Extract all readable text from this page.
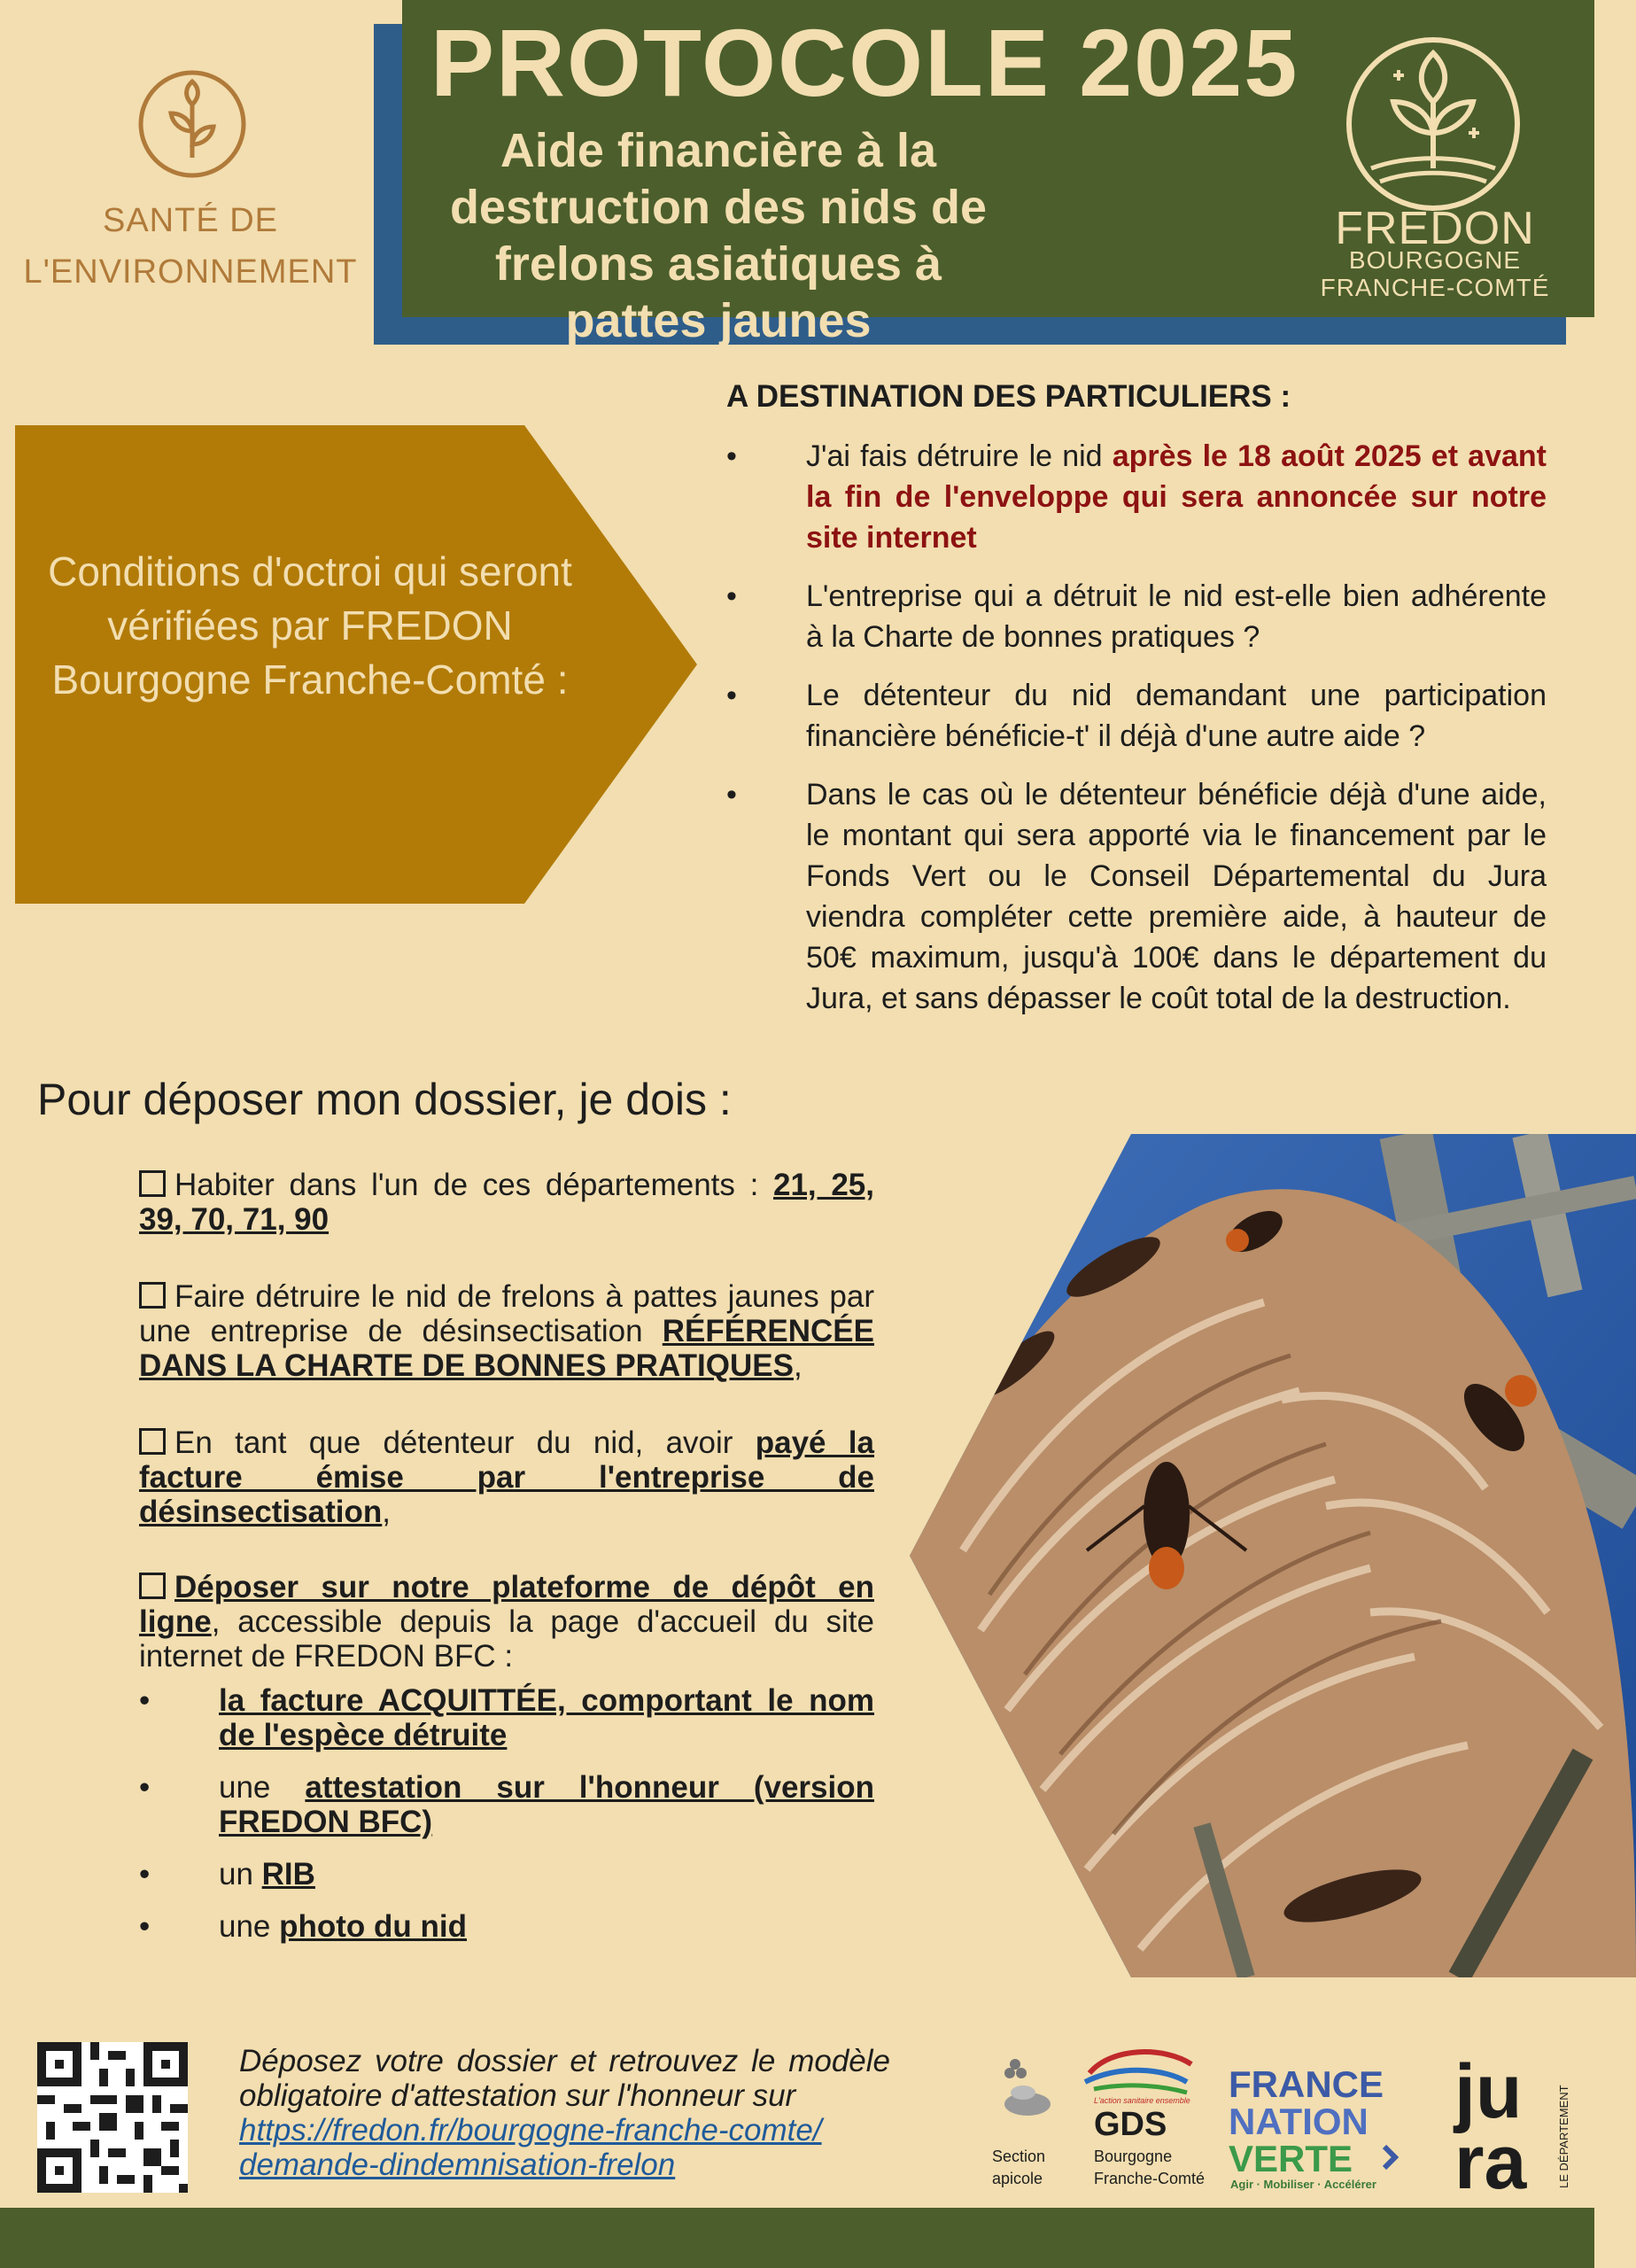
PROTOCOLE 2025
Aide financière à la destruction des nids de frelons asiatiques à pattes jaunes
FREDON
BOURGOGNE
FRANCHE-COMTÉ
SANTÉ DE
L'ENVIRONNEMENT
Conditions d'octroi qui seront vérifiées par FREDON Bourgogne Franche-Comté :
A DESTINATION DES PARTICULIERS :
• J'ai fais détruire le nid après le 18 août 2025 et avant la fin de l'enveloppe qui sera annoncée sur notre site internet
• L'entreprise qui a détruit le nid est-elle bien adhérente à la Charte de bonnes pratiques ?
• Le détenteur du nid demandant une participation financière bénéficie-t' il déjà d'une autre aide ?
• Dans le cas où le détenteur bénéficie déjà d'une aide, le montant qui sera apporté via le financement par le Fonds Vert ou le Conseil Départemental du Jura viendra compléter cette première aide, à hauteur de 50€ maximum, jusqu'à 100€ dans le département du Jura, et sans dépasser le coût total de la destruction.
Pour déposer mon dossier, je dois :
Habiter dans l'un de ces départements : 21, 25, 39, 70, 71, 90
Faire détruire le nid de frelons à pattes jaunes par une entreprise de désinsectisation RÉFÉRENCÉE DANS LA CHARTE DE BONNES PRATIQUES,
En tant que détenteur du nid, avoir payé la facture émise par l'entreprise de désinsectisation,
Déposer sur notre plateforme de dépôt en ligne, accessible depuis la page d'accueil du site internet de FREDON BFC :
• la facture ACQUITTÉE, comportant le nom de l'espèce détruite
• une attestation sur l'honneur (version FREDON BFC)
• un RIB
• une photo du nid
Déposez votre dossier et retrouvez le modèle obligatoire d'attestation sur l'honneur sur
https://fredon.fr/bourgogne-franche-comte/
demande-dindemnisation-frelon
L'action sanitaire ensemble
GDS
Bourgogne
Franche-Comté
Section
apicole
FRANCE
NATION
VERTE
Agir · Mobiliser · Accélérer
ju
ra	LE DÉPARTEMENT
